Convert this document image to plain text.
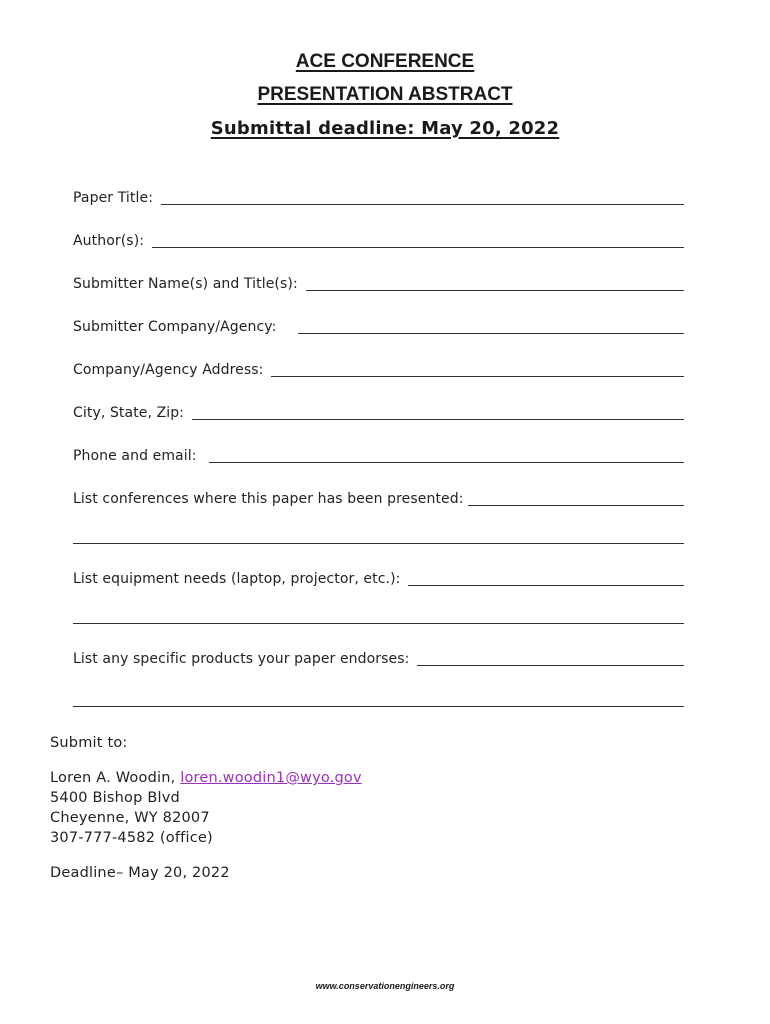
ACE CONFERENCE
PRESENTATION ABSTRACT
Submittal deadline: May 20, 2022
Paper Title:
Author(s):
Submitter Name(s) and Title(s):
Submitter Company/Agency:
Company/Agency Address:
City, State, Zip:
Phone and email:
List conferences where this paper has been presented:
List equipment needs (laptop, projector, etc.):
List any specific products your paper endorses:

Submit to:

Loren A. Woodin, loren.woodin1@wyo.gov

5400 Bishop Blvd

Cheyenne, WY 82007

307-777-4582 (office)

Deadline– May 20, 2022

www.conservationengineers.org
